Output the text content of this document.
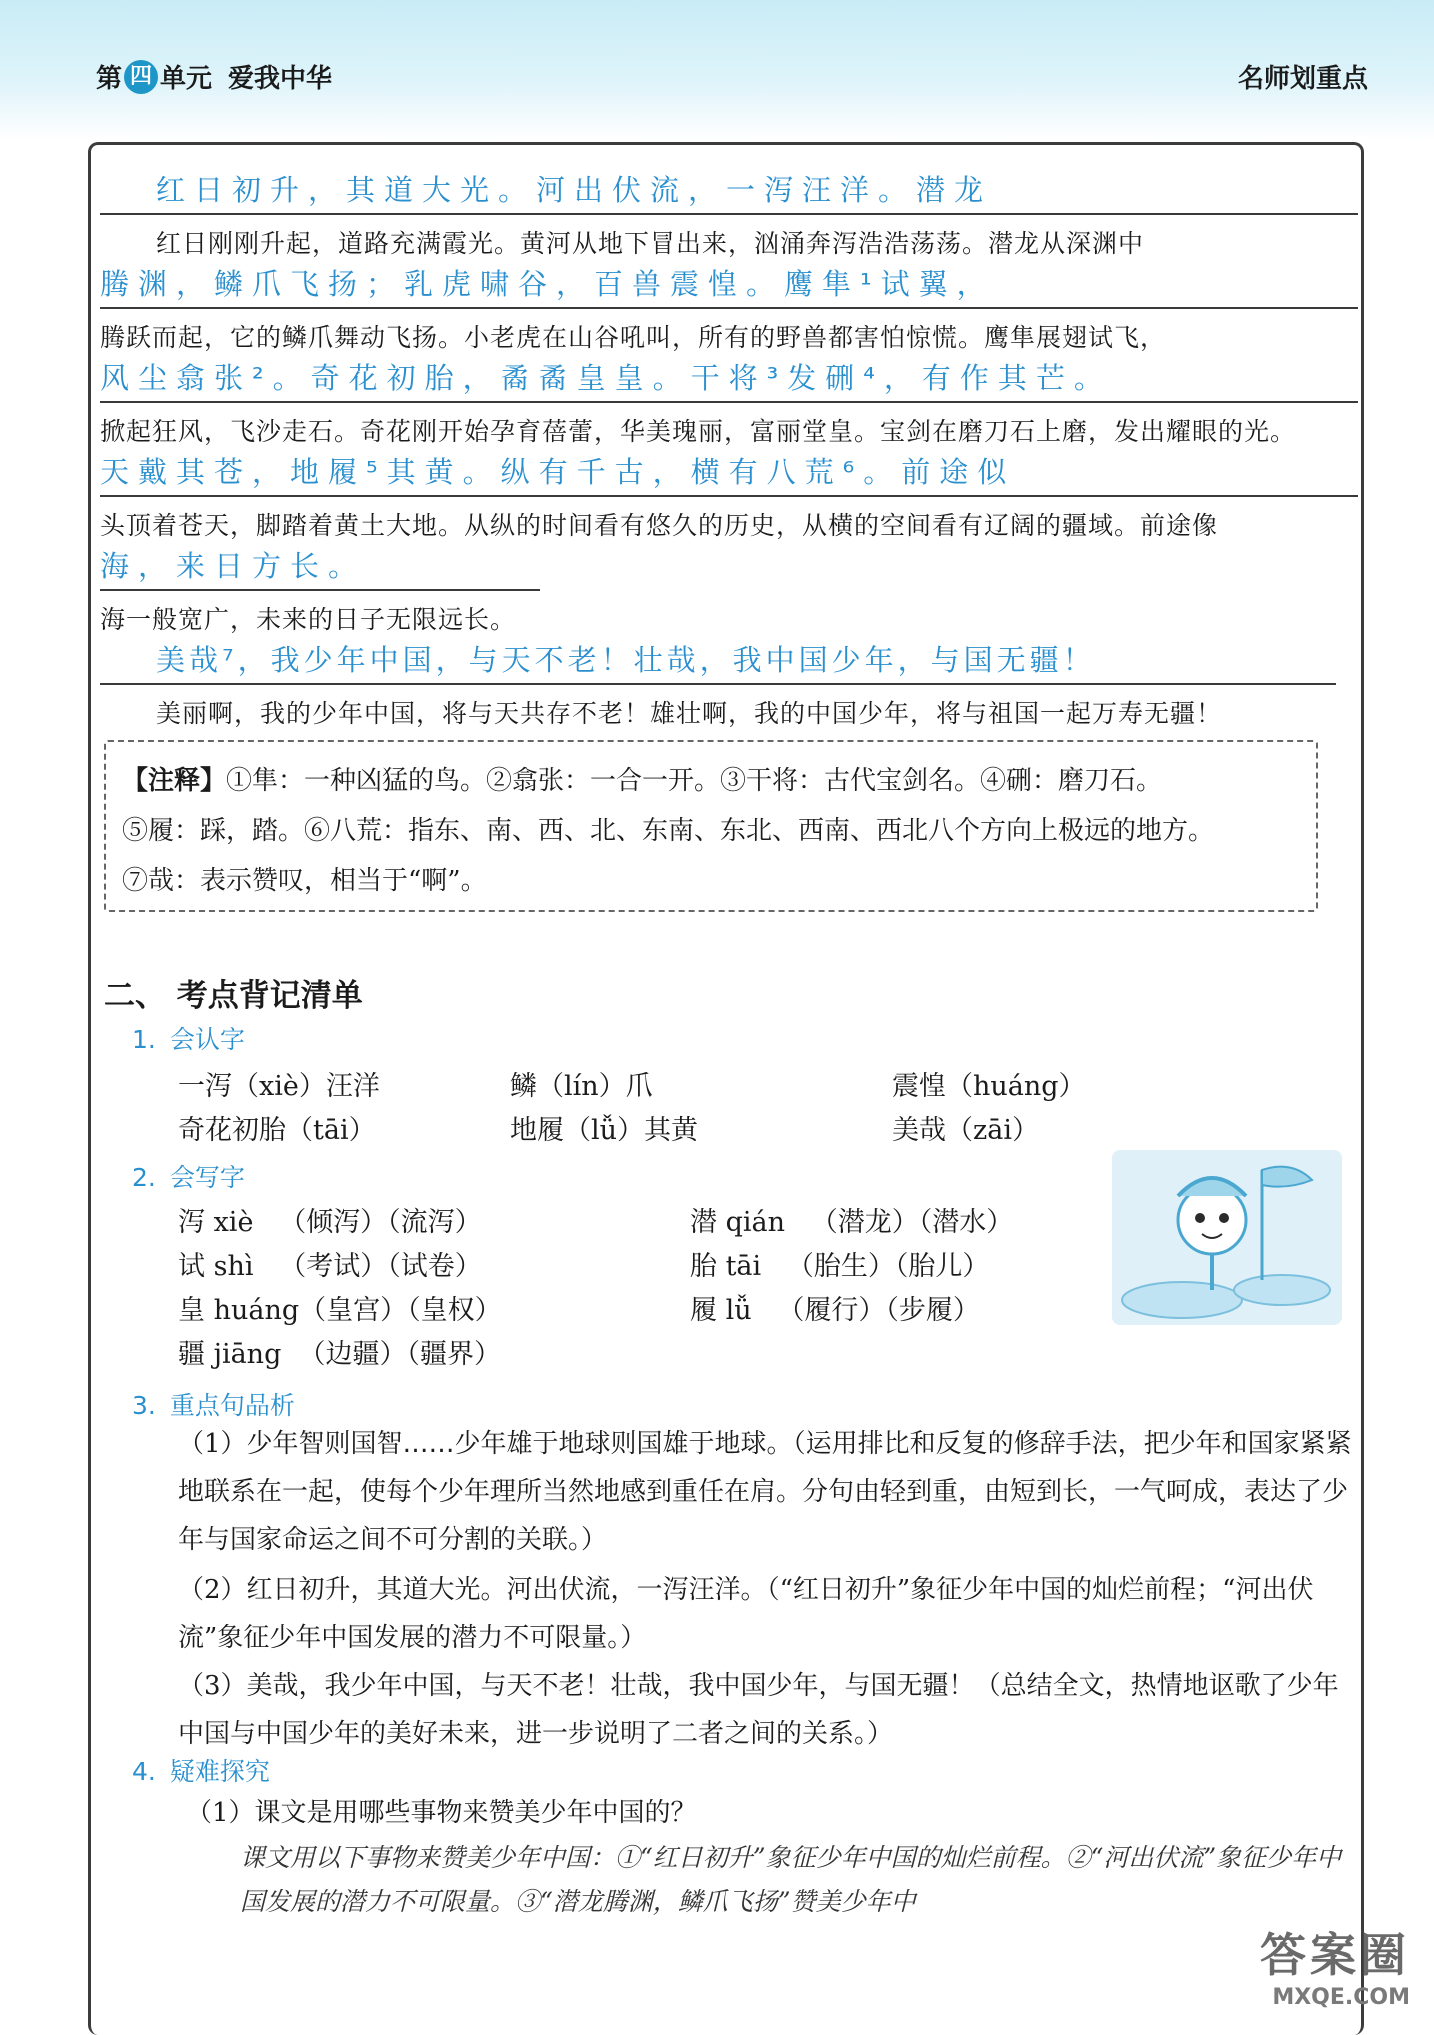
第 四 单元 爱我中华	名师划重点
红日初升，其道大光。河出伏流，一泻汪洋。潜龙
红日刚刚升起，道路充满霞光。黄河从地下冒出来，汹涌奔泻浩浩荡荡。潜龙从深渊中
腾渊，鳞爪飞扬；乳虎啸谷，百兽震惶。鹰隼¹试翼，
腾跃而起，它的鳞爪舞动飞扬。小老虎在山谷吼叫，所有的野兽都害怕惊慌。鹰隼展翅试飞，
风尘翕张²。奇花初胎，矞矞皇皇。干将³发硎⁴，有作其芒。
掀起狂风，飞沙走石。奇花刚开始孕育蓓蕾，华美瑰丽，富丽堂皇。宝剑在磨刀石上磨，发出耀眼的光。
天戴其苍，地履⁵其黄。纵有千古，横有八荒⁶。前途似
头顶着苍天，脚踏着黄土大地。从纵的时间看有悠久的历史，从横的空间看有辽阔的疆域。前途像
海，来日方长。
海一般宽广，未来的日子无限远长。
美哉⁷，我少年中国，与天不老！壮哉，我中国少年，与国无疆！
美丽啊，我的少年中国，将与天共存不老！雄壮啊，我的中国少年，将与祖国一起万寿无疆！
【注释】①隼：一种凶猛的鸟。②翕张：一合一开。③干将：古代宝剑名。④硎：磨刀石。
⑤履：踩，踏。⑥八荒：指东、南、西、北、东南、东北、西南、西北八个方向上极远的地方。
⑦哉：表示赞叹，相当于“啊”。
二、 考点背记清单
1. 会认字
一泻（xiè）汪洋	鳞（lín）爪	震惶（huáng）
奇花初胎（tāi）	地履（lǚ）其黄	美哉（zāi）
2. 会写字
泻 xiè （倾泻）（流泻）	潜 qián （潜龙）（潜水）
试 shì （考试）（试卷）	胎 tāi （胎生）（胎儿）
皇 huáng（皇宫）（皇权）	履 lǚ （履行）（步履）
疆 jiāng （边疆）（疆界）
3. 重点句品析
（1）少年智则国智……少年雄于地球则国雄于地球。（运用排比和反复的修辞手法，把少年和国家紧紧地联系在一起，使每个少年理所当然地感到重任在肩。分句由轻到重，由短到长，一气呵成，表达了少年与国家命运之间不可分割的关联。）
（2）红日初升，其道大光。河出伏流，一泻汪洋。（“红日初升”象征少年中国的灿烂前程；“河出伏流”象征少年中国发展的潜力不可限量。）
（3）美哉，我少年中国，与天不老！壮哉，我中国少年，与国无疆！（总结全文，热情地讴歌了少年中国与中国少年的美好未来，进一步说明了二者之间的关系。）
4. 疑难探究
（1）课文是用哪些事物来赞美少年中国的？
课文用以下事物来赞美少年中国：①“红日初升”象征少年中国的灿烂前程。②“河出伏流”象征少年中国发展的潜力不可限量。③“潜龙腾渊，鳞爪飞扬”赞美少年中
答案圈
MXQE.COM
